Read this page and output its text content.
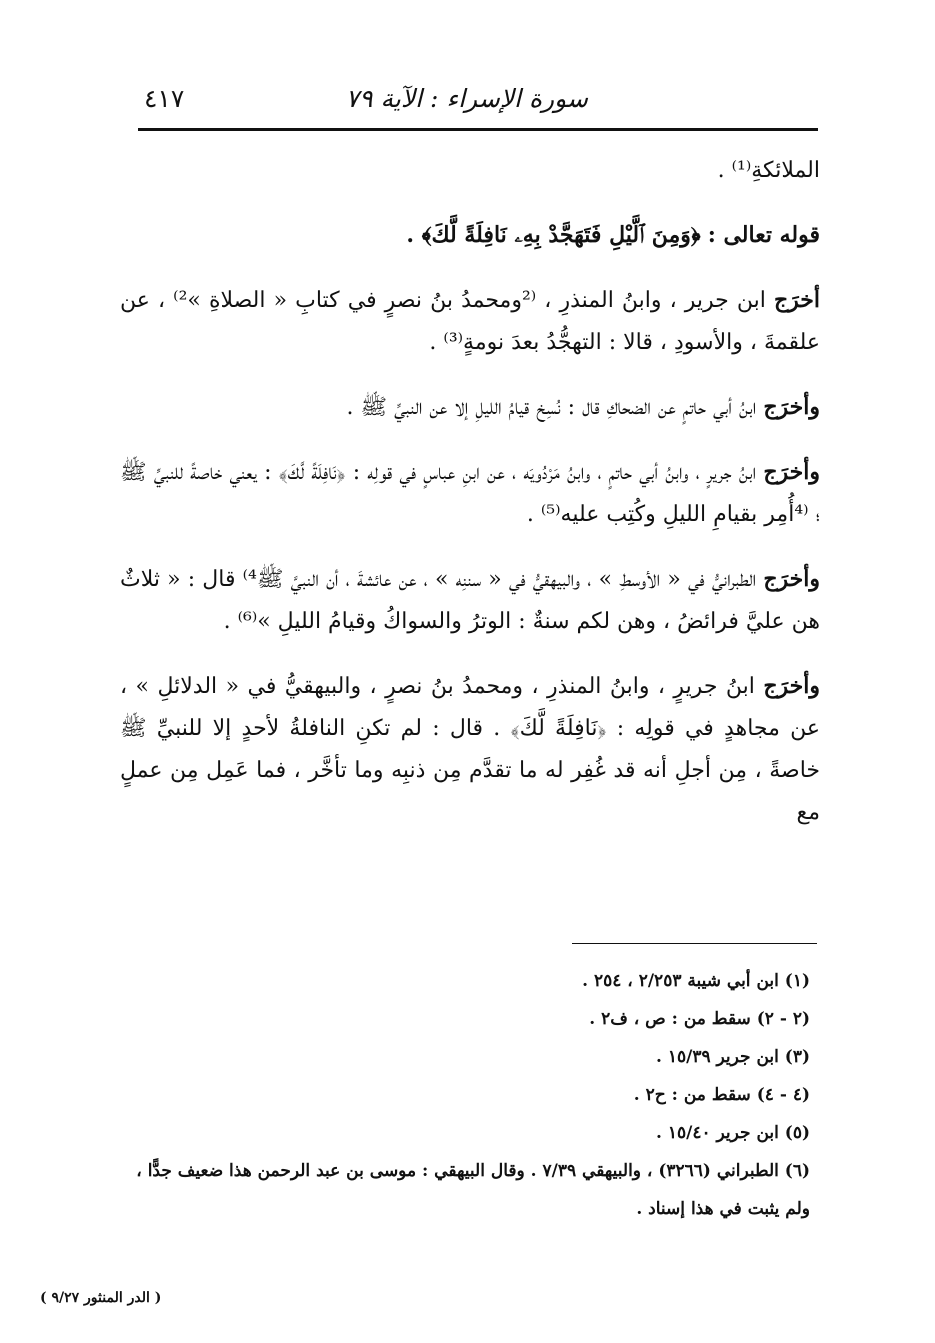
٤١٧	سورة الإسراء : الآية ٧٩

الملائكةِ⁽¹⁾ .

قوله تعالى : ﴿وَمِنَ ٱلَّيْلِ فَتَهَجَّدْ بِهِۦ نَافِلَةً لَّكَ﴾ .

أخرَج ابن جرير ، وابنُ المنذرِ ، ⁽²ومحمدُ بنُ نصرٍ في كتابِ « الصلاةِ »²⁾ ، عن علقمةَ ، والأسودِ ، قالا : التهجُّدُ بعدَ نومةٍ⁽³⁾ .

وأخرَج ابنُ أبي حاتمٍ عن الضحاكِ قال : نُسِخ قيامُ الليلِ إلا عن النبيِّ ﷺ .

وأخرَج ابنُ جريرٍ ، وابنُ أبي حاتمٍ ، وابنُ مَرْدُويَه ، عن ابنِ عباسٍ في قولِه : ﴿نَافِلَةً لَّكَ﴾ : يعني خاصةً للنبيِّ ﷺ ؛ ⁽⁴أُمِر بقيامِ الليلِ وكُتِب عليه⁽⁵⁾ .

وأخرَج الطبرانيُّ في « الأوسطِ » ، والبيهقيُّ في « سننِه » ، عن عائشةَ ، أن النبيَّ ﷺ⁴⁾ قال : « ثلاثٌ هن عليَّ فرائضُ ، وهن لكم سنةٌ : الوترُ والسواكُ وقيامُ الليلِ »⁽⁶⁾ .

وأخرَج ابنُ جريرٍ ، وابنُ المنذرِ ، ومحمدُ بنُ نصرٍ ، والبيهقيُّ في « الدلائلِ » ، عن مجاهدٍ في قولِه : ﴿نَافِلَةً لَّكَ﴾ . قال : لم تكنِ النافلةُ لأحدٍ إلا للنبيِّ ﷺ خاصةً ، مِن أجلِ أنه قد غُفِر له ما تقدَّم مِن ذنبِه وما تأخَّر ، فما عَمِل مِن عملٍ مع

(١) ابن أبي شيبة ٢/٢٥٣ ، ٢٥٤ .
(٢ - ٢) سقط من : ص ، ف٢ .
(٣) ابن جرير ١٥/٣٩ .
(٤ - ٤) سقط من : ح٢ .
(٥) ابن جرير ١٥/٤٠ .
(٦) الطبراني (٣٢٦٦) ، والبيهقي ٧/٣٩ . وقال البيهقي : موسى بن عبد الرحمن هذا ضعيف جدًّا ،
ولم يثبت في هذا إسناد .
( الدر المنثور ٩/٢٧ )
